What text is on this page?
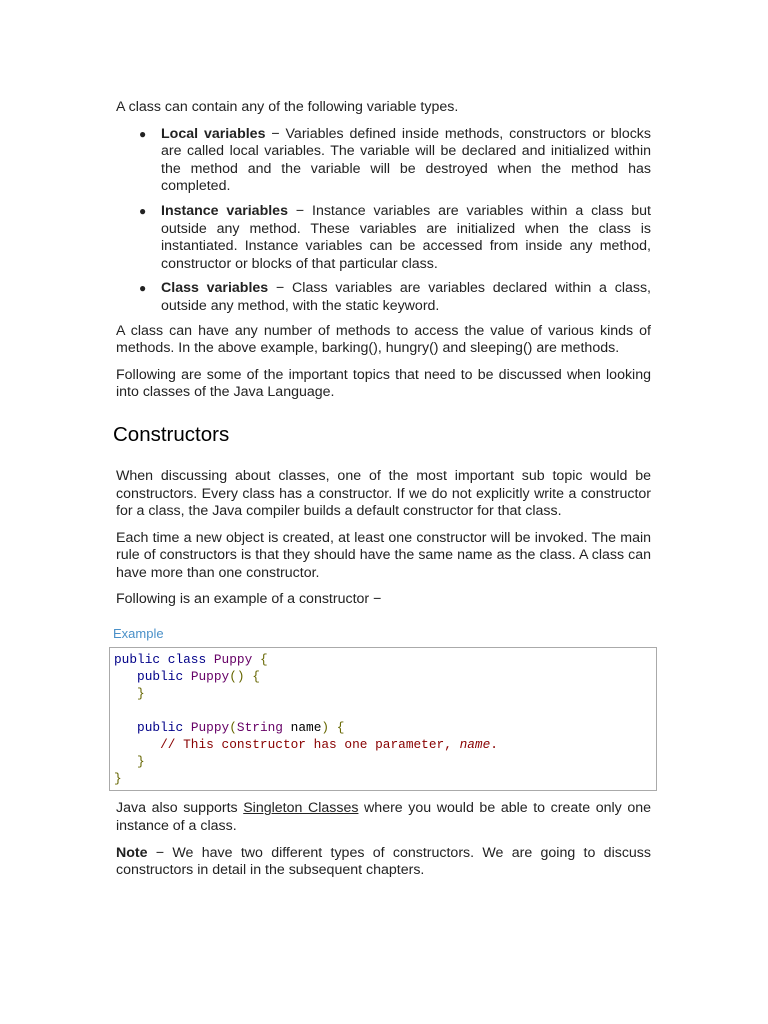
A class can contain any of the following variable types.

● Local variables − Variables defined inside methods, constructors or blocks are called local variables. The variable will be declared and initialized within the method and the variable will be destroyed when the method has completed.
● Instance variables − Instance variables are variables within a class but outside any method. These variables are initialized when the class is instantiated. Instance variables can be accessed from inside any method, constructor or blocks of that particular class.
● Class variables − Class variables are variables declared within a class, outside any method, with the static keyword.

A class can have any number of methods to access the value of various kinds of methods. In the above example, barking(), hungry() and sleeping() are methods.

Following are some of the important topics that need to be discussed when looking into classes of the Java Language.

Constructors

When discussing about classes, one of the most important sub topic would be constructors. Every class has a constructor. If we do not explicitly write a constructor for a class, the Java compiler builds a default constructor for that class.

Each time a new object is created, at least one constructor will be invoked. The main rule of constructors is that they should have the same name as the class. A class can have more than one constructor.

Following is an example of a constructor −

Example
public class Puppy {
public Puppy() {
}

public Puppy(String name) {
// This constructor has one parameter, name.
}
}

Java also supports Singleton Classes where you would be able to create only one instance of a class.

Note − We have two different types of constructors. We are going to discuss constructors in detail in the subsequent chapters.
